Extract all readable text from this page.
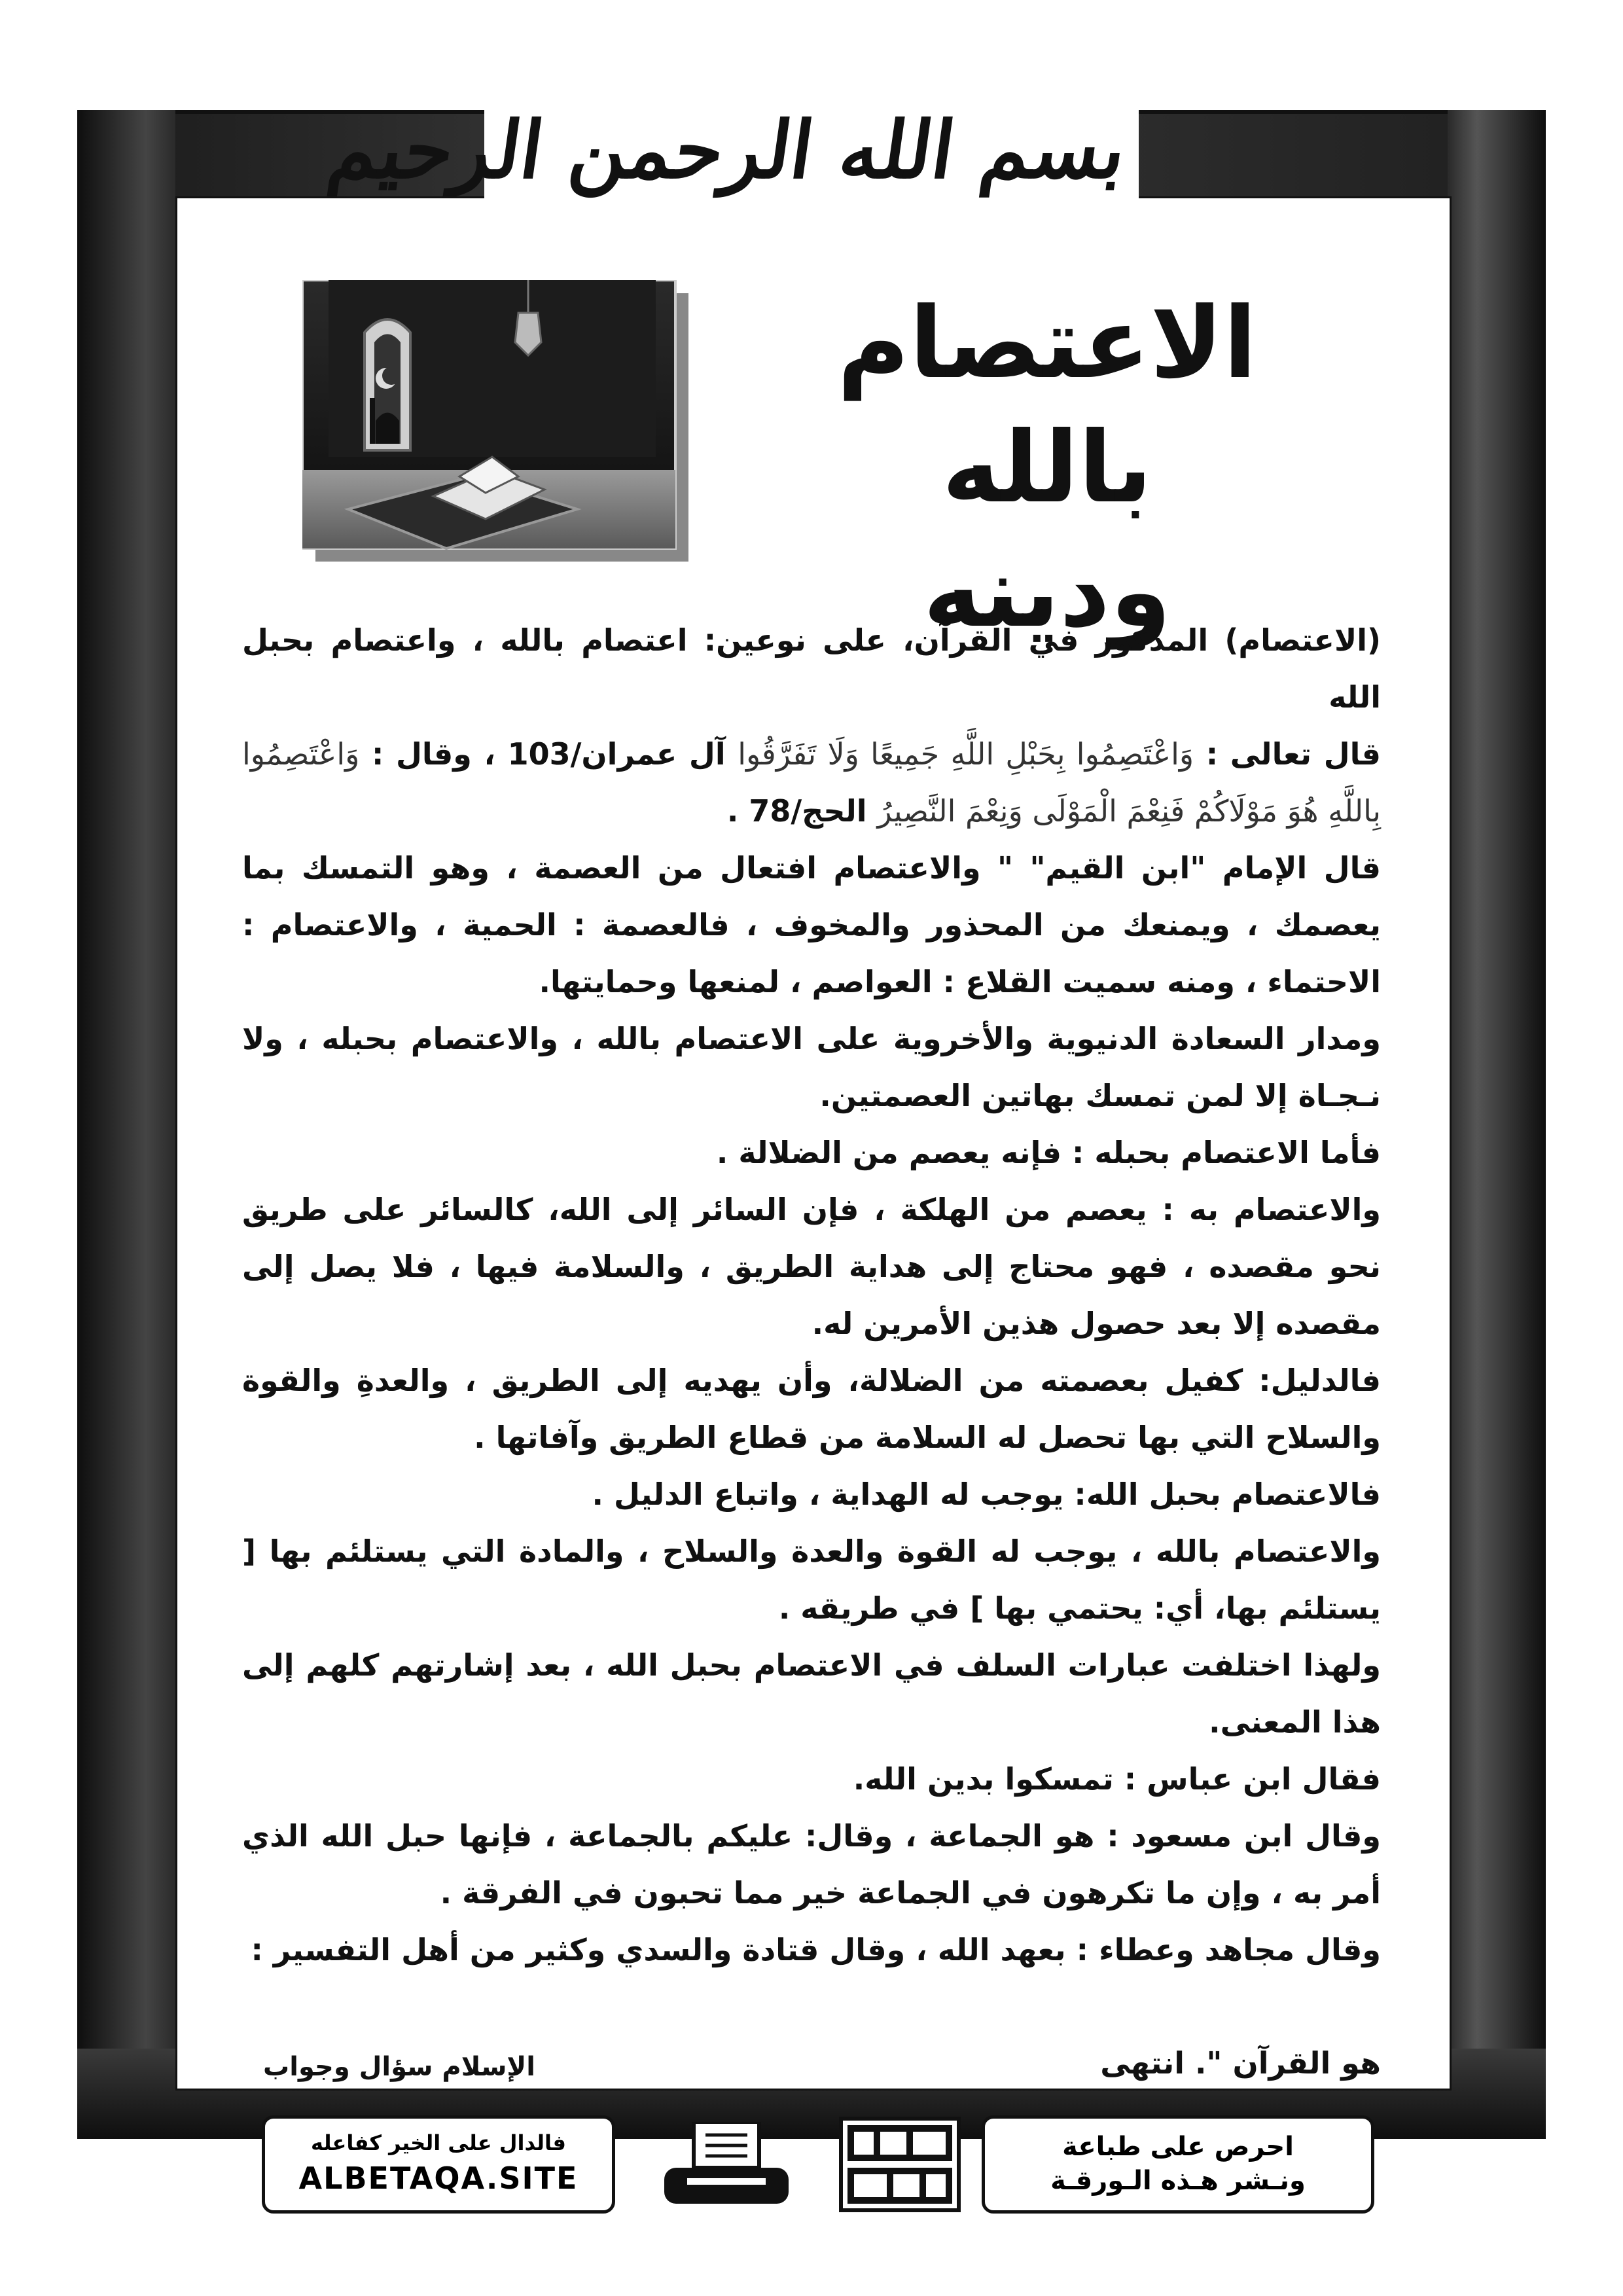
بسم الله الرحمن الرحيم
الاعتصام
بالله ودينه

(الاعتصام) المذكور في القرآن، على نوعين: اعتصام بالله ، واعتصام بحبل الله

قال تعالى : وَاعْتَصِمُوا بِحَبْلِ اللَّهِ جَمِيعًا وَلَا تَفَرَّقُوا آل عمران/103 ، وقال : وَاعْتَصِمُوا بِاللَّهِ هُوَ مَوْلَاكُمْ فَنِعْمَ الْمَوْلَى وَنِعْمَ النَّصِيرُ الحج/78 .

قال الإمام "ابن القيم" " والاعتصام افتعال من العصمة ، وهو التمسك بما يعصمك ، ويمنعك من المحذور والمخوف ، فالعصمة : الحمية ، والاعتصام : الاحتماء ، ومنه سميت القلاع : العواصم ، لمنعها وحمايتها.

ومدار السعادة الدنيوية والأخروية على الاعتصام بالله ، والاعتصام بحبله ، ولا نـجـاة إلا لمن تمسك بهاتين العصمتين.

فأما الاعتصام بحبله : فإنه يعصم من الضلالة .

والاعتصام به : يعصم من الهلكة ، فإن السائر إلى الله، كالسائر على طريق نحو مقصده ، فهو محتاج إلى هداية الطريق ، والسلامة فيها ، فلا يصل إلى مقصده إلا بعد حصول هذين الأمرين له.

فالدليل: كفيل بعصمته من الضلالة، وأن يهديه إلى الطريق ، والعدةِ والقوة والسلاح التي بها تحصل له السلامة من قطاع الطريق وآفاتها .

فالاعتصام بحبل الله: يوجب له الهداية ، واتباع الدليل .

والاعتصام بالله ، يوجب له القوة والعدة والسلاح ، والمادة التي يستلئم بها [ يستلئم بها، أي: يحتمي بها ] في طريقه .

ولهذا اختلفت عبارات السلف في الاعتصام بحبل الله ، بعد إشارتهم كلهم إلى هذا المعنى.

فقال ابن عباس : تمسكوا بدين الله.

وقال ابن مسعود : هو الجماعة ، وقال: عليكم بالجماعة ، فإنها حبل الله الذي أمر به ، وإن ما تكرهون في الجماعة خير مما تحبون في الفرقة .

وقال مجاهد وعطاء : بعهد الله ، وقال قتادة والسدي وكثير من أهل التفسير :

هو القرآن ". انتهى
الإسلام سؤال وجواب
فالدال على الخير كفاعله
ALBETAQA.SITE
احرص على طباعة
ونـشر هـذه الـورقـة
